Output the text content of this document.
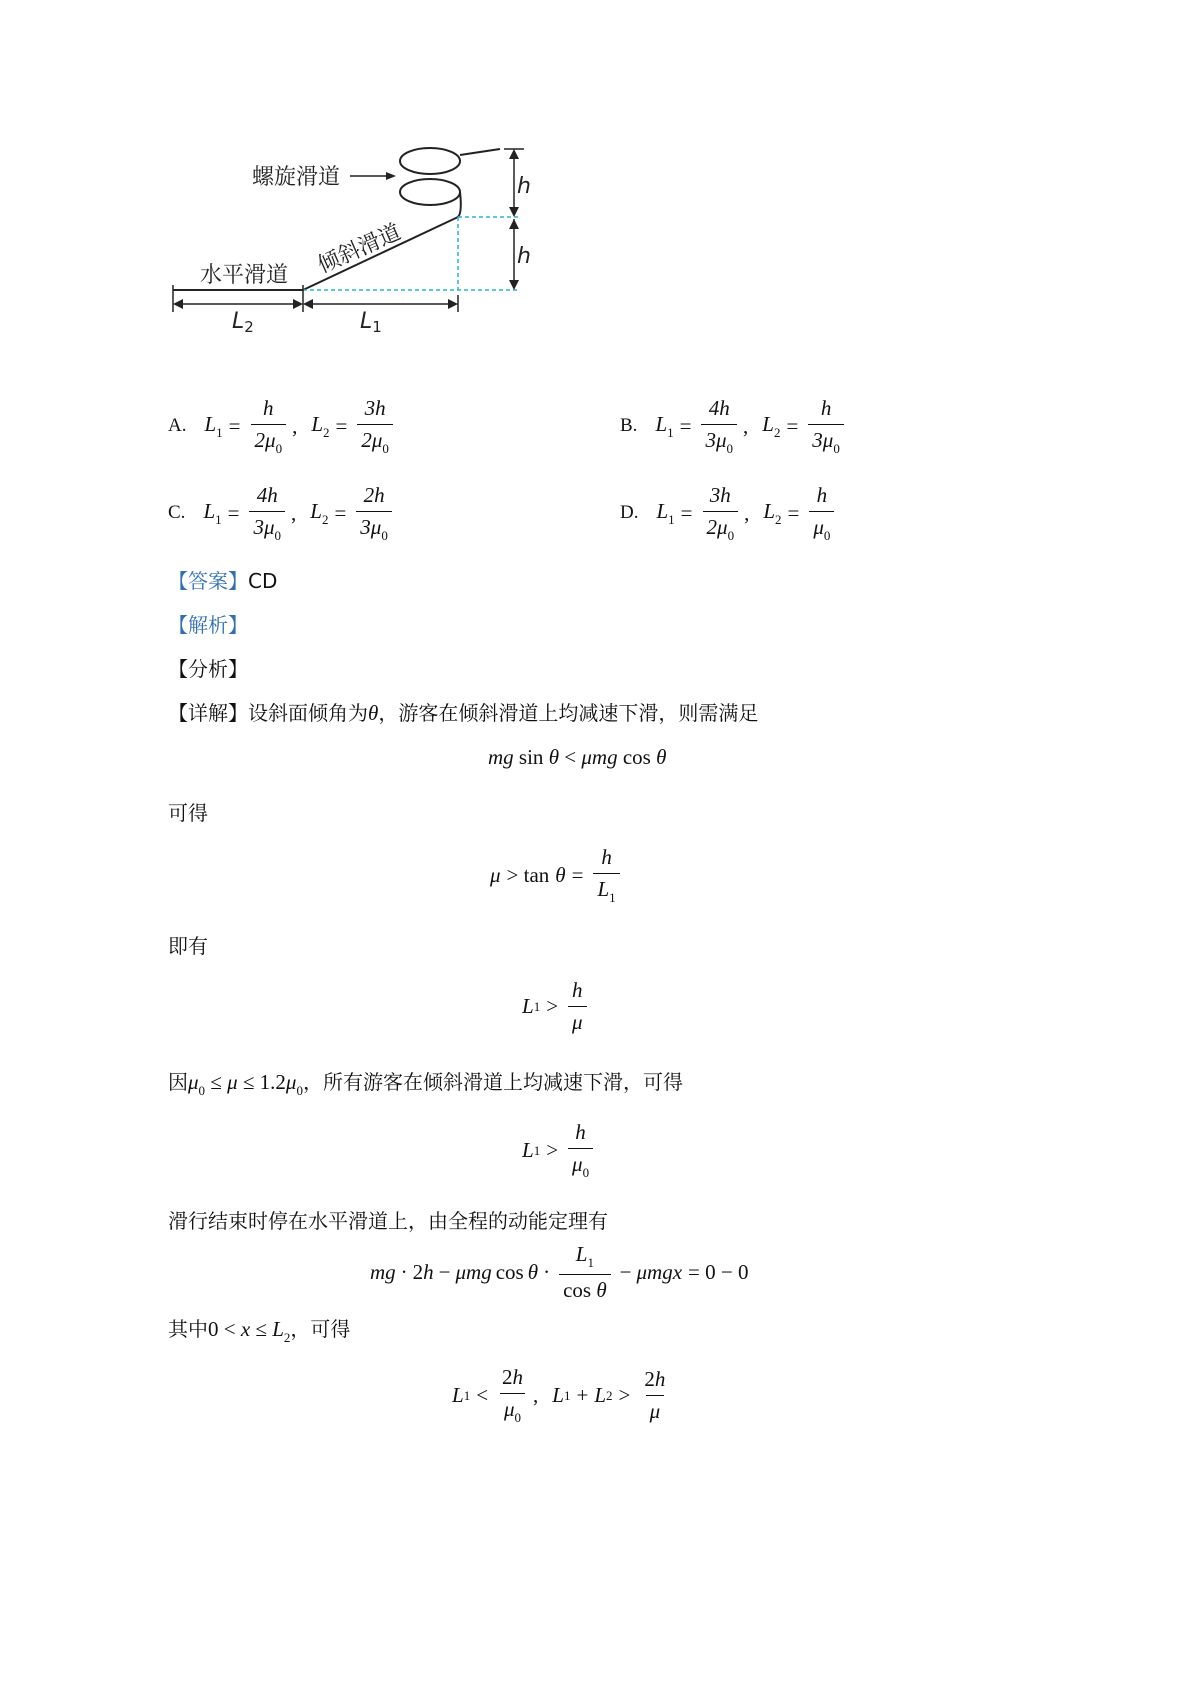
螺旋滑道
倾斜滑道
水平滑道
h
h
L2	L1
A. $L_1 = \frac{h}{2\mu_0}$ , $L_2 = \frac{3h}{2\mu_0}$	B. $L_1 = \frac{4h}{3\mu_0}$ , $L_2 = \frac{h}{3\mu_0}$
C. $L_1 = \frac{4h}{3\mu_0}$ , $L_2 = \frac{2h}{3\mu_0}$	D. $L_1 = \frac{3h}{2\mu_0}$ , $L_2 = \frac{h}{\mu_0}$
【答案】CD
【解析】
【分析】
【详解】设斜面倾角为θ，游客在倾斜滑道上均减速下滑，则需满足
mg sin θ < μmg cos θ
可得
$\mu > \tan \theta = \frac{h}{L_1}$
即有
L $1 > \frac{h}{\mu}$
因$\mu_0 \le \mu \le 1.2\mu_0$，所有游客在倾斜滑道上均减速下滑，可得
L $1 > \frac{h}{\mu_0}$
滑行结束时停在水平滑道上，由全程的动能定理有
mg · 2 h − μmg $\cos \theta \cdot \frac{L_1}{\text{cos θ}} - \mu mgx = 0 - 0$
其中$0 < x \le L_2$，可得
L $1 < \frac{2h}{\mu_0}$ , L 1 + L $2 > \frac{2h}{\mu}$
